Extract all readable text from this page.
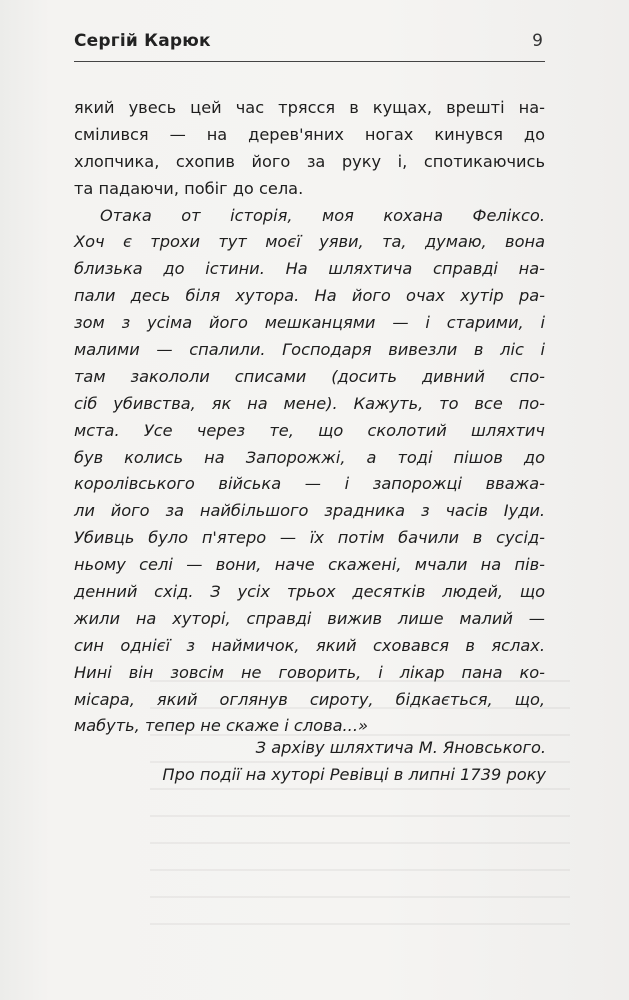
Сергій Карюк	9
який увесь цей час трясся в кущах, врешті на-
смілився — на дерев'яних ногах кинувся до
хлопчика, схопив його за руку і, спотикаючись
та падаючи, побіг до села.
Отака от історія, моя кохана Феліксо.
Хоч є трохи тут моєї уяви, та, думаю, вона
близька до істини. На шляхтича справді на-
пали десь біля хутора. На його очах хутір ра-
зом з усіма його мешканцями — і старими, і
малими — спалили. Господаря вивезли в ліс і
там закололи списами (досить дивний спо-
сіб убивства, як на мене). Кажуть, то все по-
мста. Усе через те, що сколотий шляхтич
був колись на Запорожжі, а тоді пішов до
королівського війська — і запорожці вважа-
ли його за найбільшого зрадника з часів Іуди.
Убивць було п'ятеро — їх потім бачили в сусід-
ньому селі — вони, наче скажені, мчали на пів-
денний схід. З усіх трьох десятків людей, що
жили на хуторі, справді вижив лише малий —
син однієї з наймичок, який сховався в яслах.
Нині він зовсім не говорить, і лікар пана ко-
місара, який оглянув сироту, бідкається, що,
мабуть, тепер не скаже і слова...»
З архіву шляхтича М. Яновського.
Про події на хуторі Ревівці в липні 1739 року
